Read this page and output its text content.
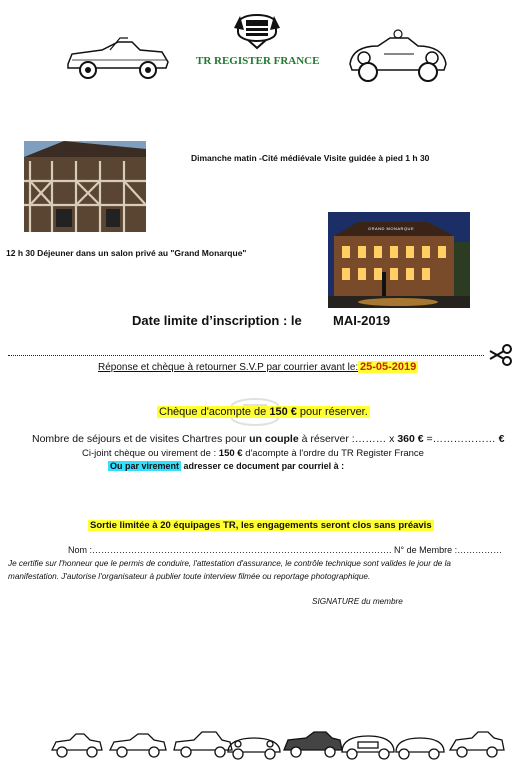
TR REGISTER FRANCE
Dimanche matin -Cité médiévale Visite guidée à pied 1 h 30
GRAND MONARQUE
12 h 30 Déjeuner dans un salon privé au "Grand Monarque"
Date limite d’inscription : le MAI-2019
Réponse et chèque à retourner S.V.P par courrier avant le: 25-05-2019
Chèque d'acompte de 150 € pour réserver.
Nombre de séjours et de visites Chartres pour un couple à réserver :……… x 360 € =……………… €
Ci-joint chèque ou virement de : 150 € d'acompte à l'ordre du TR Register France
Ou par virement adresser ce document par courriel à :
Sortie limitée à 20 équipages TR, les engagements seront clos sans préavis
Nom :………………………………………………………………………………………. N° de Membre :……………
Je certifie sur l'honneur que le permis de conduire, l'attestation d'assurance, le contrôle technique sont valides le jour de la
manifestation. J'autorise l'organisateur à publier toute interview filmée ou reportage photographique.
SIGNATURE du membre
